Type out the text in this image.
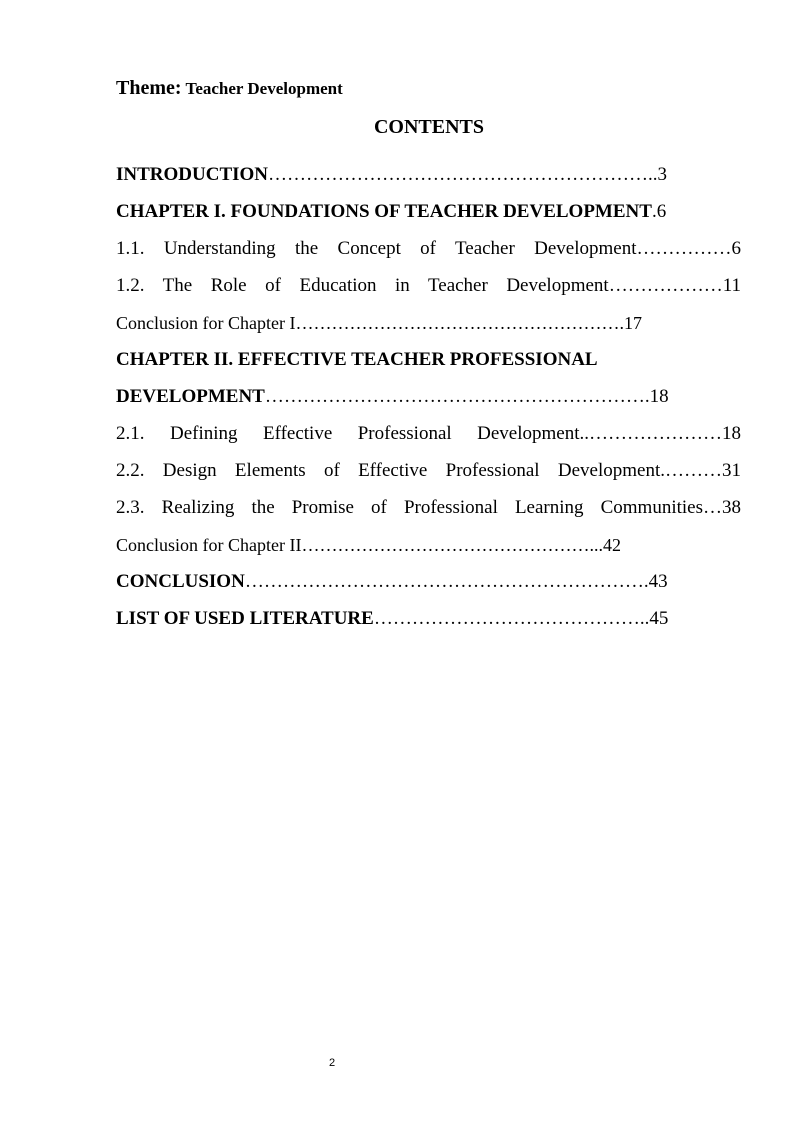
Theme: Teacher Development
CONTENTS
INTRODUCTION……………………………………………………..3
CHAPTER I. FOUNDATIONS OF TEACHER DEVELOPMENT.6
1.1. Understanding the Concept of Teacher Development……………6
1.2. The Role of Education in Teacher Development………………11
Conclusion for Chapter I……………………………………………….17
CHAPTER II. EFFECTIVE TEACHER PROFESSIONAL
DEVELOPMENT…………………………………………………….18
2.1. Defining Effective Professional Development..…………………18
2.2. Design Elements of Effective Professional Development.………31
2.3. Realizing the Promise of Professional Learning Communities…38
Conclusion for Chapter II…………………………………………...42
CONCLUSION……………………………………………………….43
LIST OF USED LITERATURE……………………………………..45
2
